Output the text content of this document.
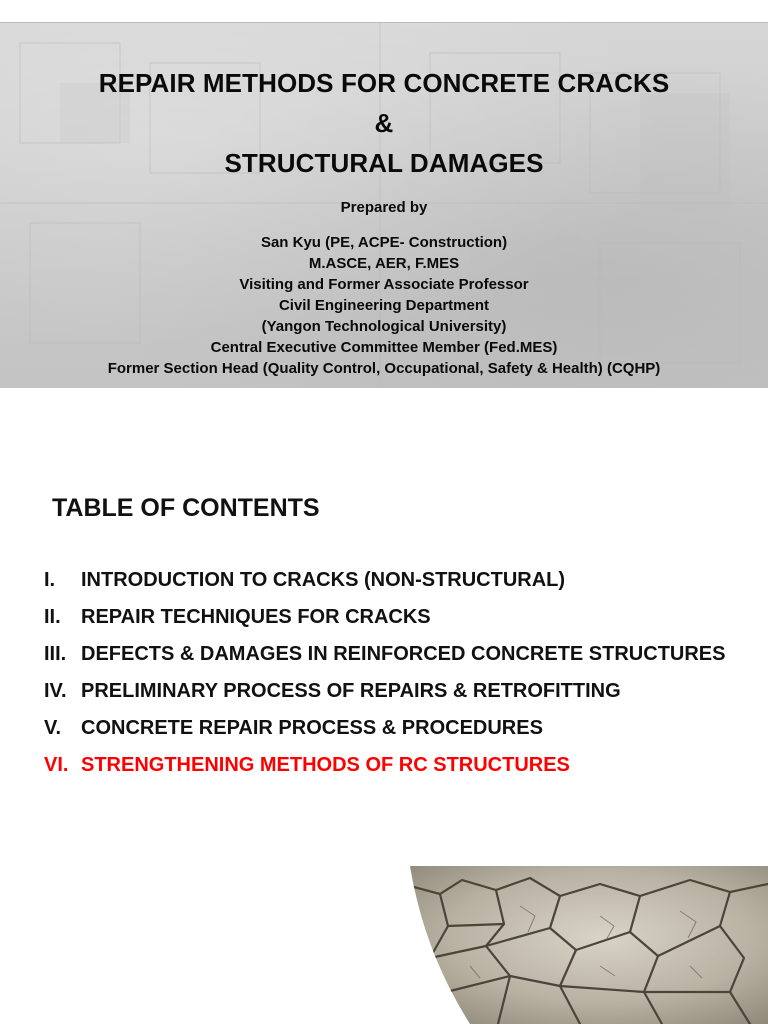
REPAIR METHODS FOR CONCRETE CRACKS
&
STRUCTURAL DAMAGES
Prepared by
San Kyu (PE, ACPE- Construction)
M.ASCE, AER, F.MES
Visiting and Former Associate Professor
Civil Engineering Department
(Yangon Technological University)
Central Executive Committee Member (Fed.MES)
Former Section Head (Quality Control, Occupational, Safety & Health) (CQHP)
TABLE OF CONTENTS
I. INTRODUCTION TO CRACKS (NON-STRUCTURAL)
II. REPAIR TECHNIQUES FOR CRACKS
III. DEFECTS & DAMAGES IN REINFORCED CONCRETE STRUCTURES
IV. PRELIMINARY PROCESS OF REPAIRS & RETROFITTING
V. CONCRETE REPAIR PROCESS & PROCEDURES
VI. STRENGTHENING METHODS OF RC STRUCTURES
